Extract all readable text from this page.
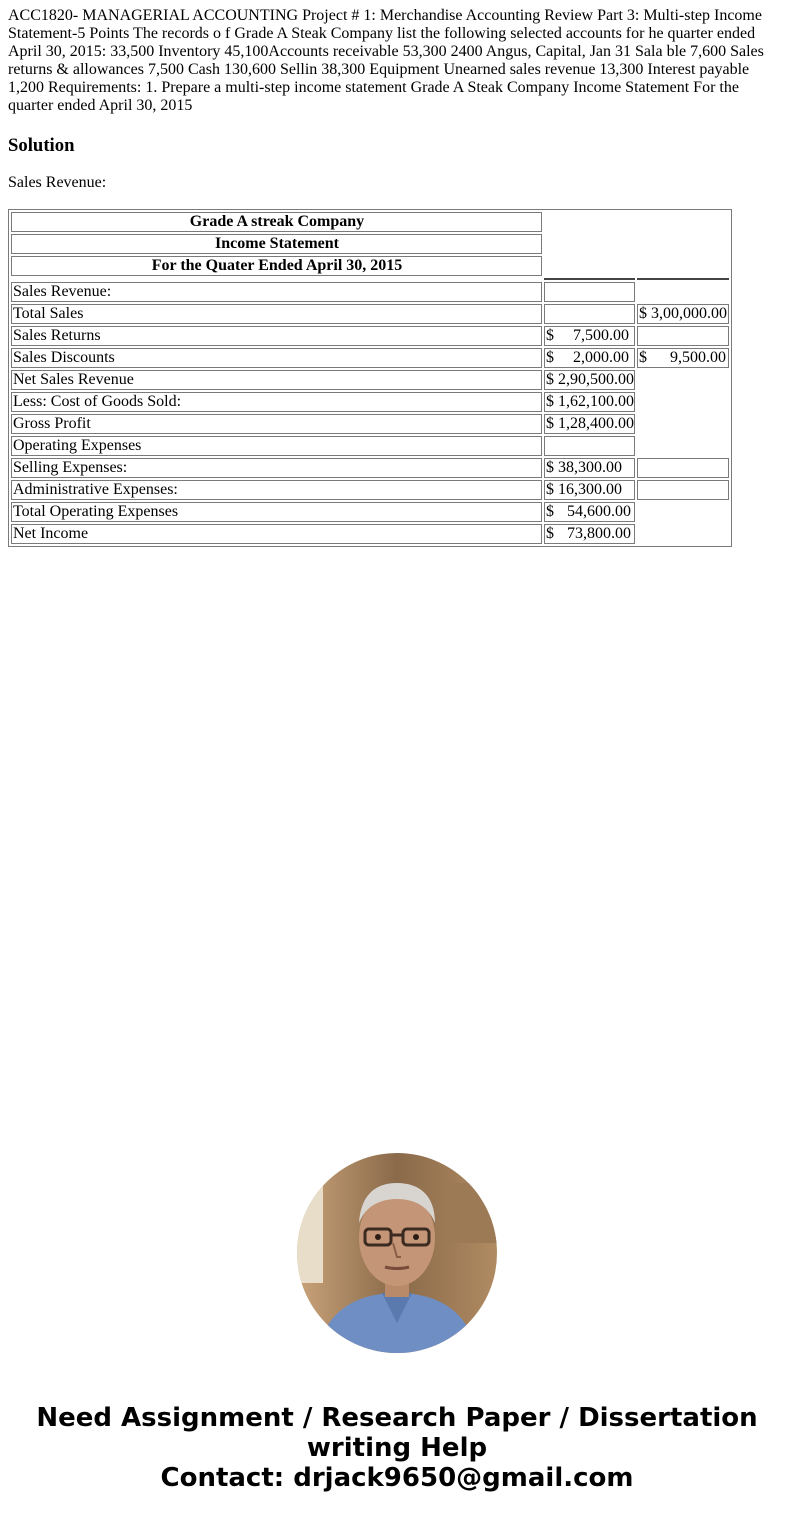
ACC1820- MANAGERIAL ACCOUNTING Project # 1: Merchandise Accounting Review Part 3: Multi-step Income Statement-5 Points The records o f Grade A Steak Company list the following selected accounts for he quarter ended April 30, 2015: 33,500 Inventory 45,100Accounts receivable 53,300 2400 Angus, Capital, Jan 31 Sala ble 7,600 Sales returns & allowances 7,500 Cash 130,600 Sellin 38,300 Equipment Unearned sales revenue 13,300 Interest payable 1,200 Requirements: 1. Prepare a multi-step income statement Grade A Steak Company Income Statement For the quarter ended April 30, 2015

Solution

Sales Revenue:

Grade A streak Company		
Income Statement		
For the Quater Ended April 30, 2015		

Sales Revenue:		
Total Sales		$ 3,00,000.00
Sales Returns	$ 7,500.00	
Sales Discounts	$ 2,000.00	$ 9,500.00
Net Sales Revenue	$ 2,90,500.00	
Less: Cost of Goods Sold:	$ 1,62,100.00	
Gross Profit	$ 1,28,400.00	
Operating Expenses		
Selling Expenses:	$ 38,300.00	
Administrative Expenses:	$ 16,300.00	
Total Operating Expenses	$ 54,600.00	
Net Income	$ 73,800.00	

Need Assignment / Research Paper / Dissertation
writing Help
Contact: drjack9650@gmail.com
